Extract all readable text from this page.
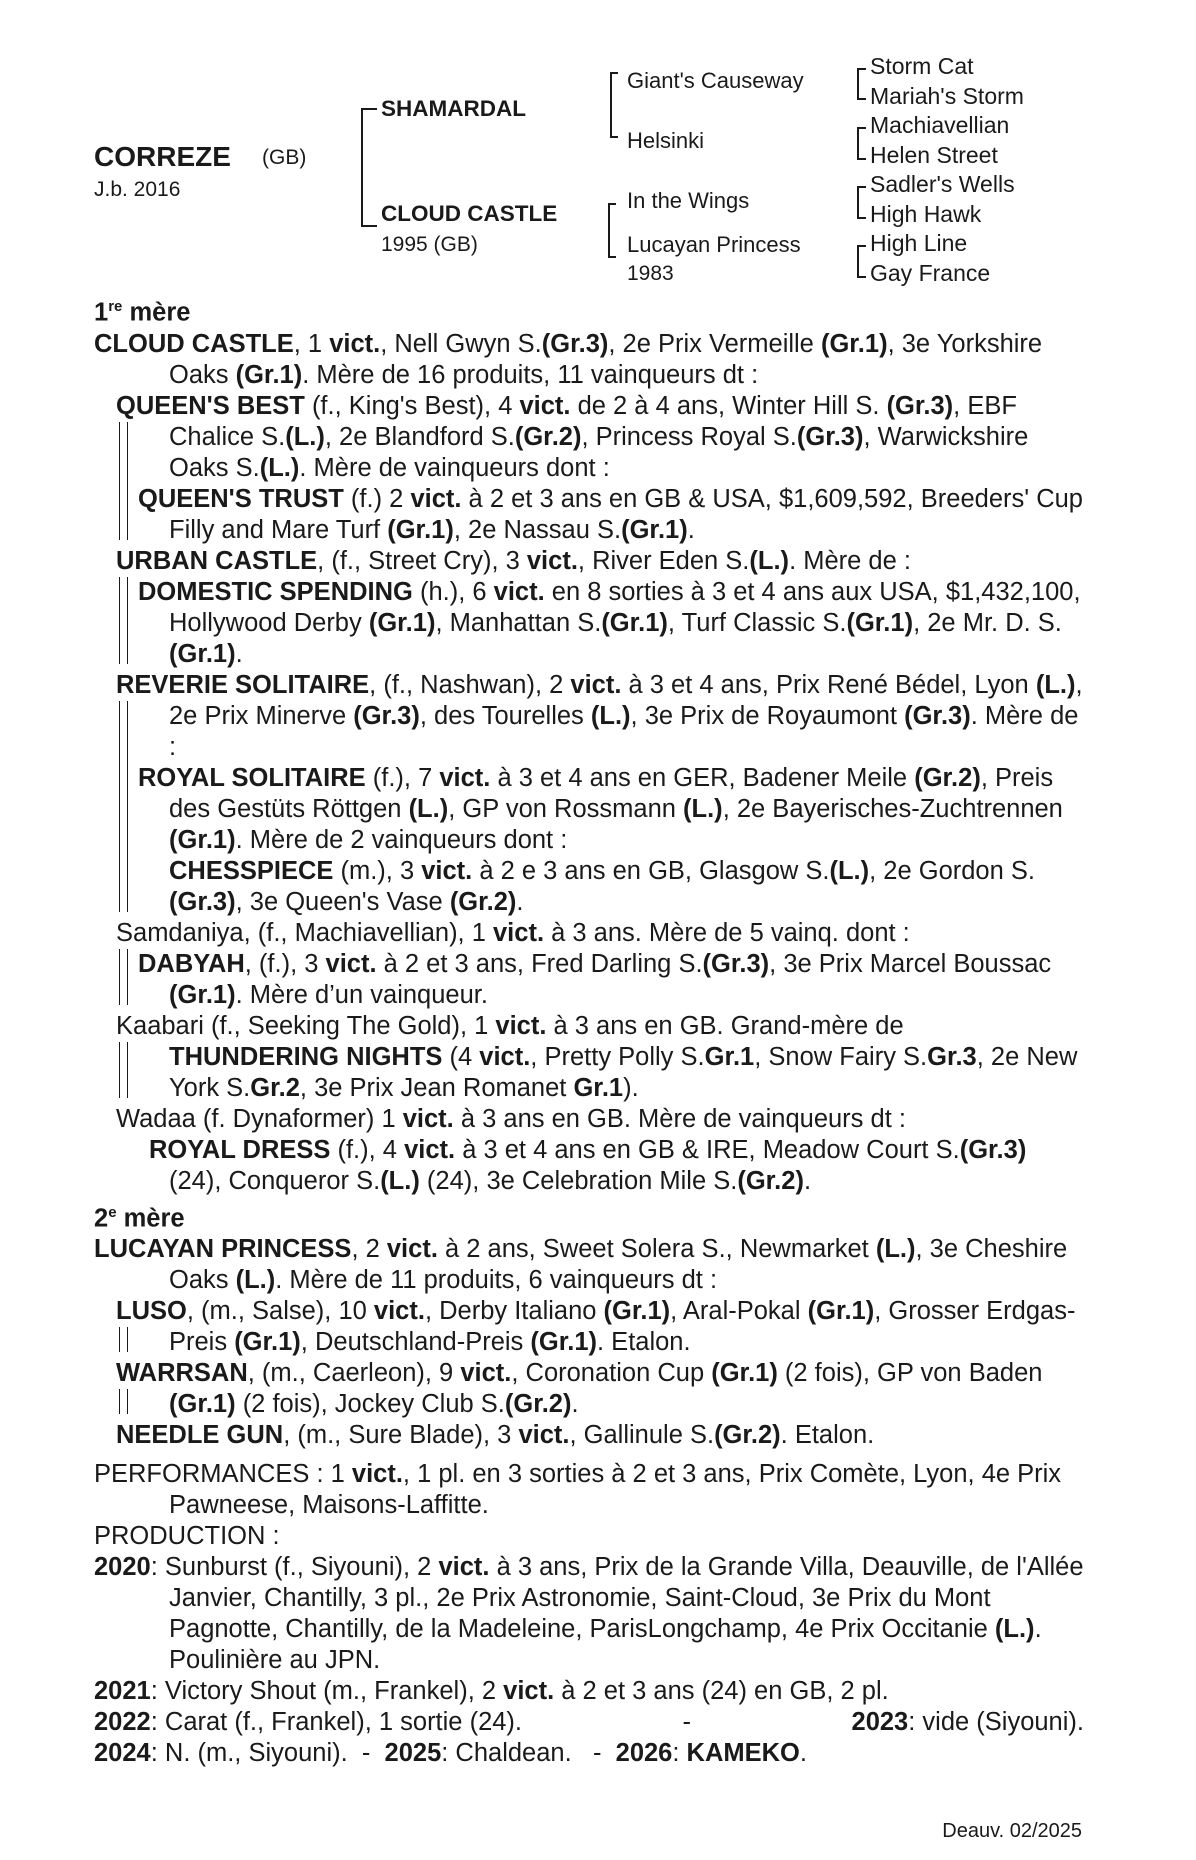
CORREZE (GB)
J.b. 2016
SHAMARDAL
CLOUD CASTLE
1995 (GB)
Giant's Causeway
Helsinki
In the Wings
Lucayan Princess
1983
Storm Cat
Mariah's Storm
Machiavellian
Helen Street
Sadler's Wells
High Hawk
High Line
Gay France
1re mère
CLOUD CASTLE, 1 vict., Nell Gwyn S.(Gr.3), 2e Prix Vermeille (Gr.1), 3e Yorkshire Oaks (Gr.1). Mère de 16 produits, 11 vainqueurs dt :
QUEEN'S BEST (f., King's Best), 4 vict. de 2 à 4 ans, Winter Hill S. (Gr.3), EBF Chalice S.(L.), 2e Blandford S.(Gr.2), Princess Royal S.(Gr.3), Warwickshire Oaks S.(L.). Mère de vainqueurs dont :
QUEEN'S TRUST (f.) 2 vict. à 2 et 3 ans en GB & USA, $1,609,592, Breeders' Cup Filly and Mare Turf (Gr.1), 2e Nassau S.(Gr.1).
URBAN CASTLE, (f., Street Cry), 3 vict., River Eden S.(L.). Mère de :
DOMESTIC SPENDING (h.), 6 vict. en 8 sorties à 3 et 4 ans aux USA, $1,432,100, Hollywood Derby (Gr.1), Manhattan S.(Gr.1), Turf Classic S.(Gr.1), 2e Mr. D. S.(Gr.1).
REVERIE SOLITAIRE, (f., Nashwan), 2 vict. à 3 et 4 ans, Prix René Bédel, Lyon (L.), 2e Prix Minerve (Gr.3), des Tourelles (L.), 3e Prix de Royaumont (Gr.3). Mère de :
ROYAL SOLITAIRE (f.), 7 vict. à 3 et 4 ans en GER, Badener Meile (Gr.2), Preis des Gestüts Röttgen (L.), GP von Rossmann (L.), 2e Bayerisches-Zuchtrennen (Gr.1). Mère de 2 vainqueurs dont :
CHESSPIECE (m.), 3 vict. à 2 e 3 ans en GB, Glasgow S.(L.), 2e Gordon S.(Gr.3), 3e Queen's Vase (Gr.2).
Samdaniya, (f., Machiavellian), 1 vict. à 3 ans. Mère de 5 vainq. dont :
DABYAH, (f.), 3 vict. à 2 et 3 ans, Fred Darling S.(Gr.3), 3e Prix Marcel Boussac (Gr.1). Mère d’un vainqueur.
Kaabari (f., Seeking The Gold), 1 vict. à 3 ans en GB. Grand-mère de
THUNDERING NIGHTS (4 vict., Pretty Polly S.Gr.1, Snow Fairy S.Gr.3, 2e New York S.Gr.2, 3e Prix Jean Romanet Gr.1).
Wadaa (f. Dynaformer) 1 vict. à 3 ans en GB. Mère de vainqueurs dt :
ROYAL DRESS (f.), 4 vict. à 3 et 4 ans en GB & IRE, Meadow Court S.(Gr.3) (24), Conqueror S.(L.) (24), 3e Celebration Mile S.(Gr.2).
2e mère
LUCAYAN PRINCESS, 2 vict. à 2 ans, Sweet Solera S., Newmarket (L.), 3e Cheshire Oaks (L.). Mère de 11 produits, 6 vainqueurs dt :
LUSO, (m., Salse), 10 vict., Derby Italiano (Gr.1), Aral-Pokal (Gr.1), Grosser Erdgas-Preis (Gr.1), Deutschland-Preis (Gr.1). Etalon.
WARRSAN, (m., Caerleon), 9 vict., Coronation Cup (Gr.1) (2 fois), GP von Baden (Gr.1) (2 fois), Jockey Club S.(Gr.2).
NEEDLE GUN, (m., Sure Blade), 3 vict., Gallinule S.(Gr.2). Etalon.
PERFORMANCES : 1 vict., 1 pl. en 3 sorties à 2 et 3 ans, Prix Comète, Lyon, 4e Prix Pawneese, Maisons-Laffitte.
PRODUCTION :
2020: Sunburst (f., Siyouni), 2 vict. à 3 ans, Prix de la Grande Villa, Deauville, de l'Allée Janvier, Chantilly, 3 pl., 2e Prix Astronomie, Saint-Cloud, 3e Prix du Mont Pagnotte, Chantilly, de la Madeleine, ParisLongchamp, 4e Prix Occitanie (L.). Poulinière au JPN.
2021: Victory Shout (m., Frankel), 2 vict. à 2 et 3 ans (24) en GB, 2 pl.
2022: Carat (f., Frankel), 1 sortie (24).	-	2023: vide (Siyouni).
2024: N. (m., Siyouni). - 2025: Chaldean. - 2026: KAMEKO.
Deauv. 02/2025
